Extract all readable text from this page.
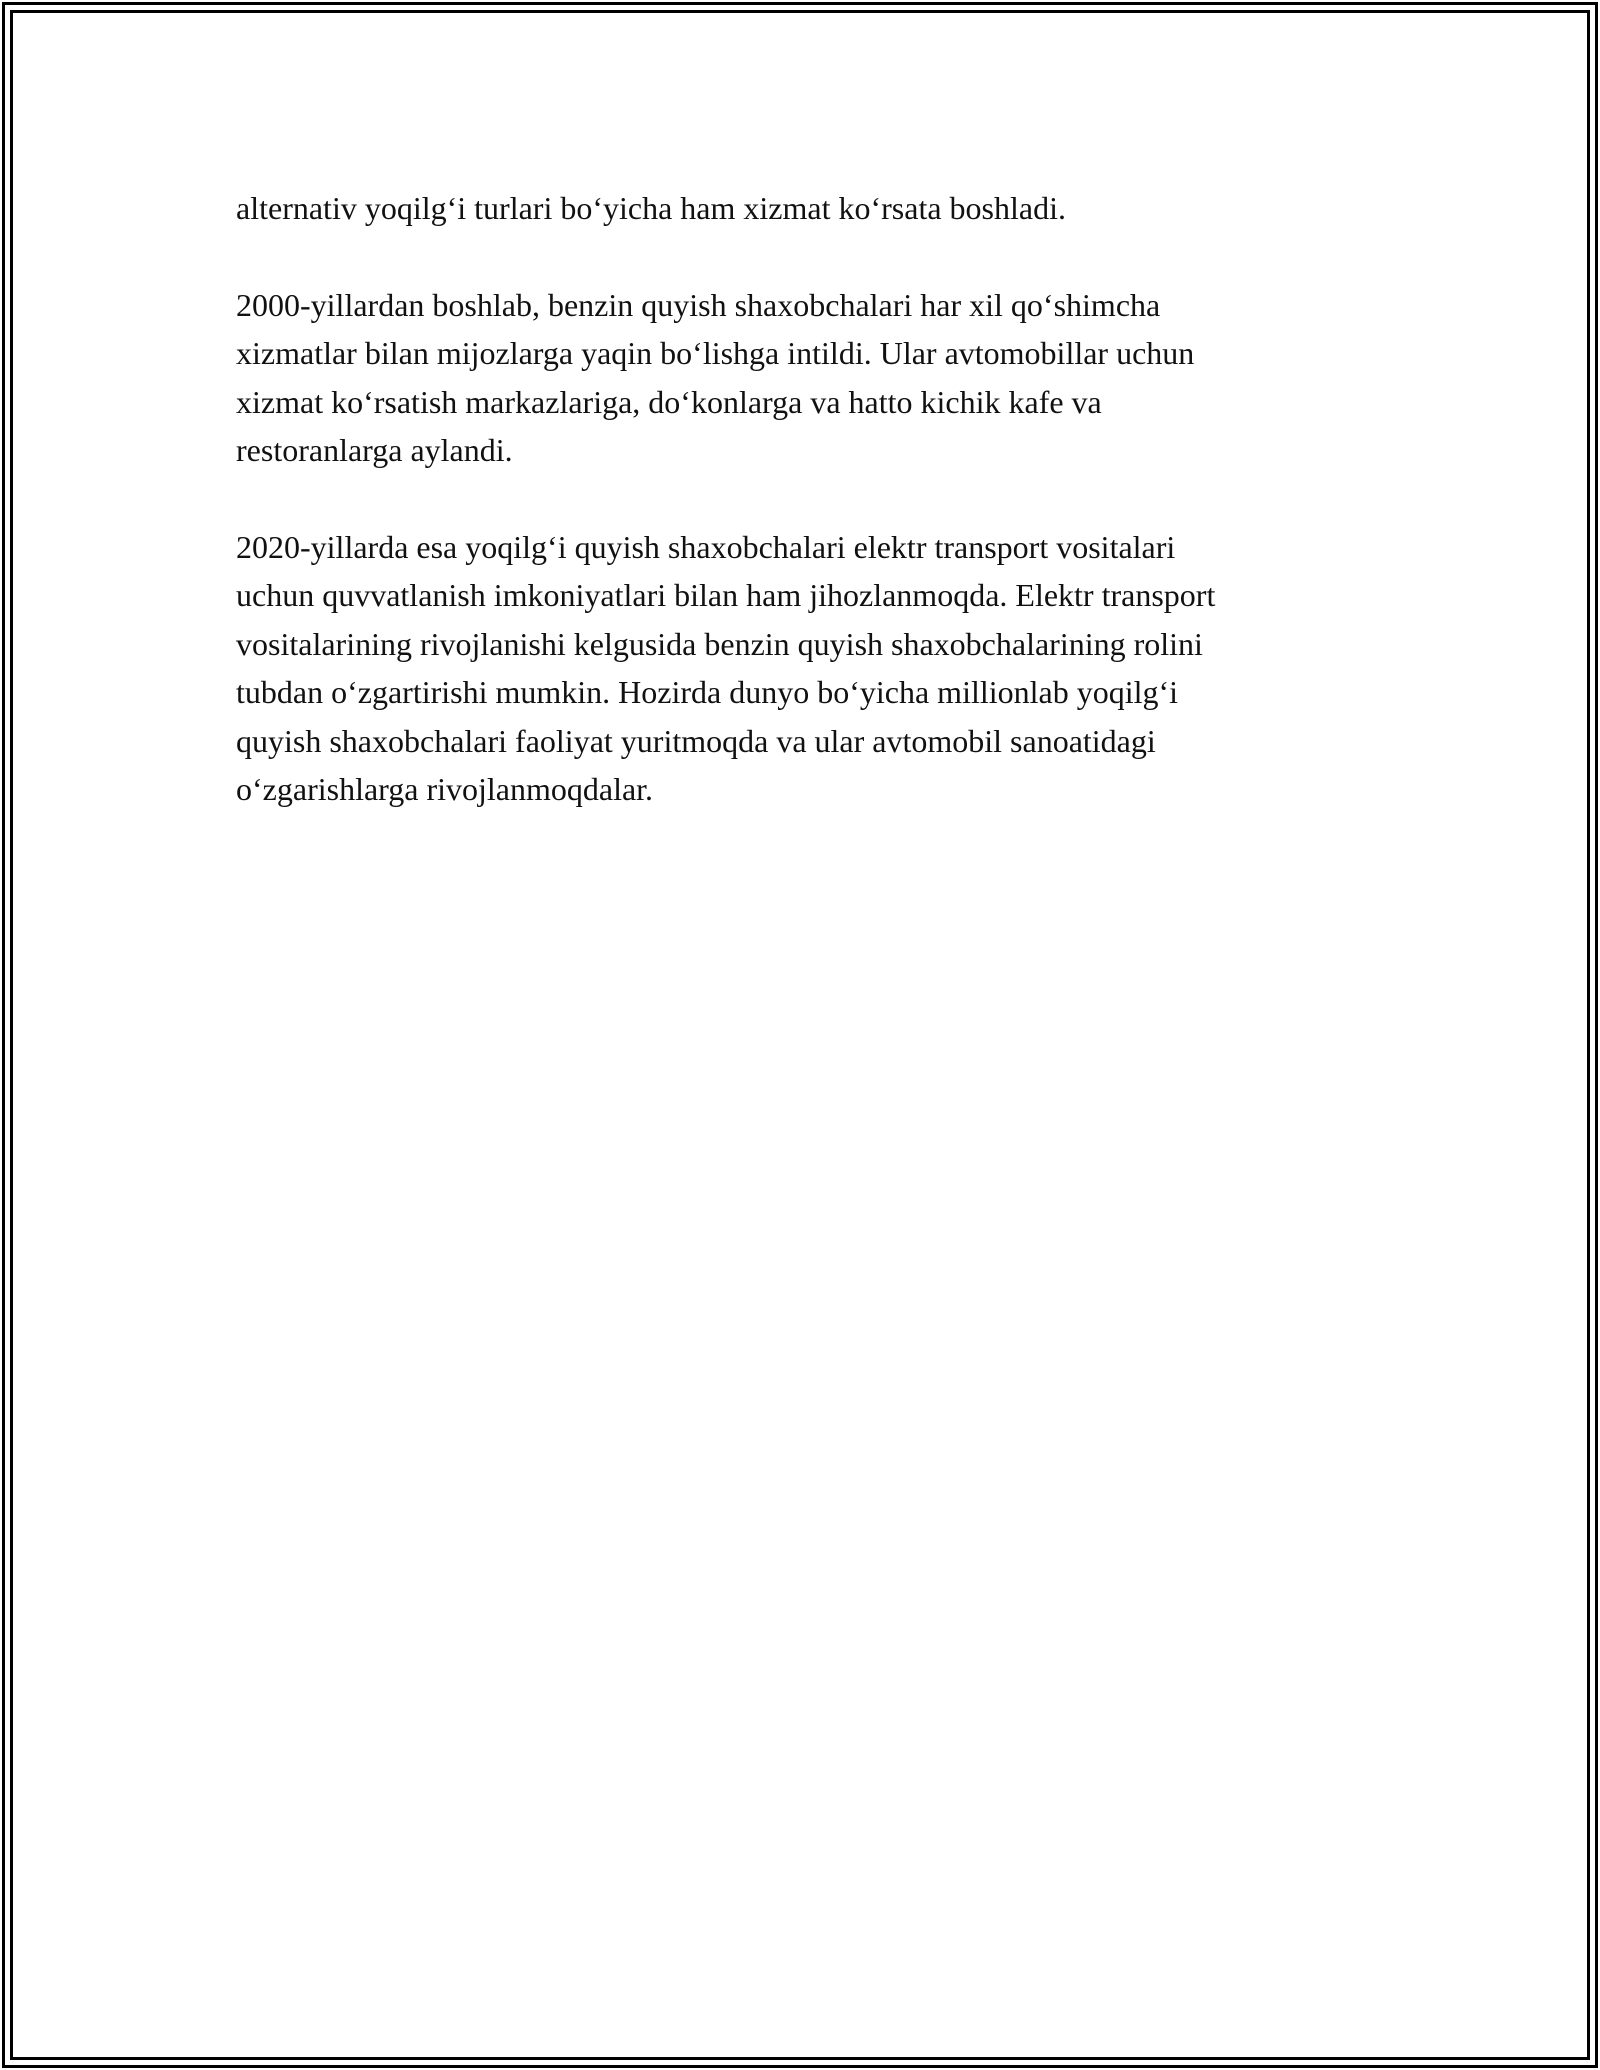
alternativ yoqilg‘i turlari bo‘yicha ham xizmat ko‘rsata boshladi.

2000-yillardan boshlab, benzin quyish shaxobchalari har xil qo‘shimcha
xizmatlar bilan mijozlarga yaqin bo‘lishga intildi. Ular avtomobillar uchun
xizmat ko‘rsatish markazlariga, do‘konlarga va hatto kichik kafe va
restoranlarga aylandi.

2020-yillarda esa yoqilg‘i quyish shaxobchalari elektr transport vositalari
uchun quvvatlanish imkoniyatlari bilan ham jihozlanmoqda. Elektr transport
vositalarining rivojlanishi kelgusida benzin quyish shaxobchalarining rolini
tubdan o‘zgartirishi mumkin. Hozirda dunyo bo‘yicha millionlab yoqilg‘i
quyish shaxobchalari faoliyat yuritmoqda va ular avtomobil sanoatidagi
o‘zgarishlarga rivojlanmoqdalar.
